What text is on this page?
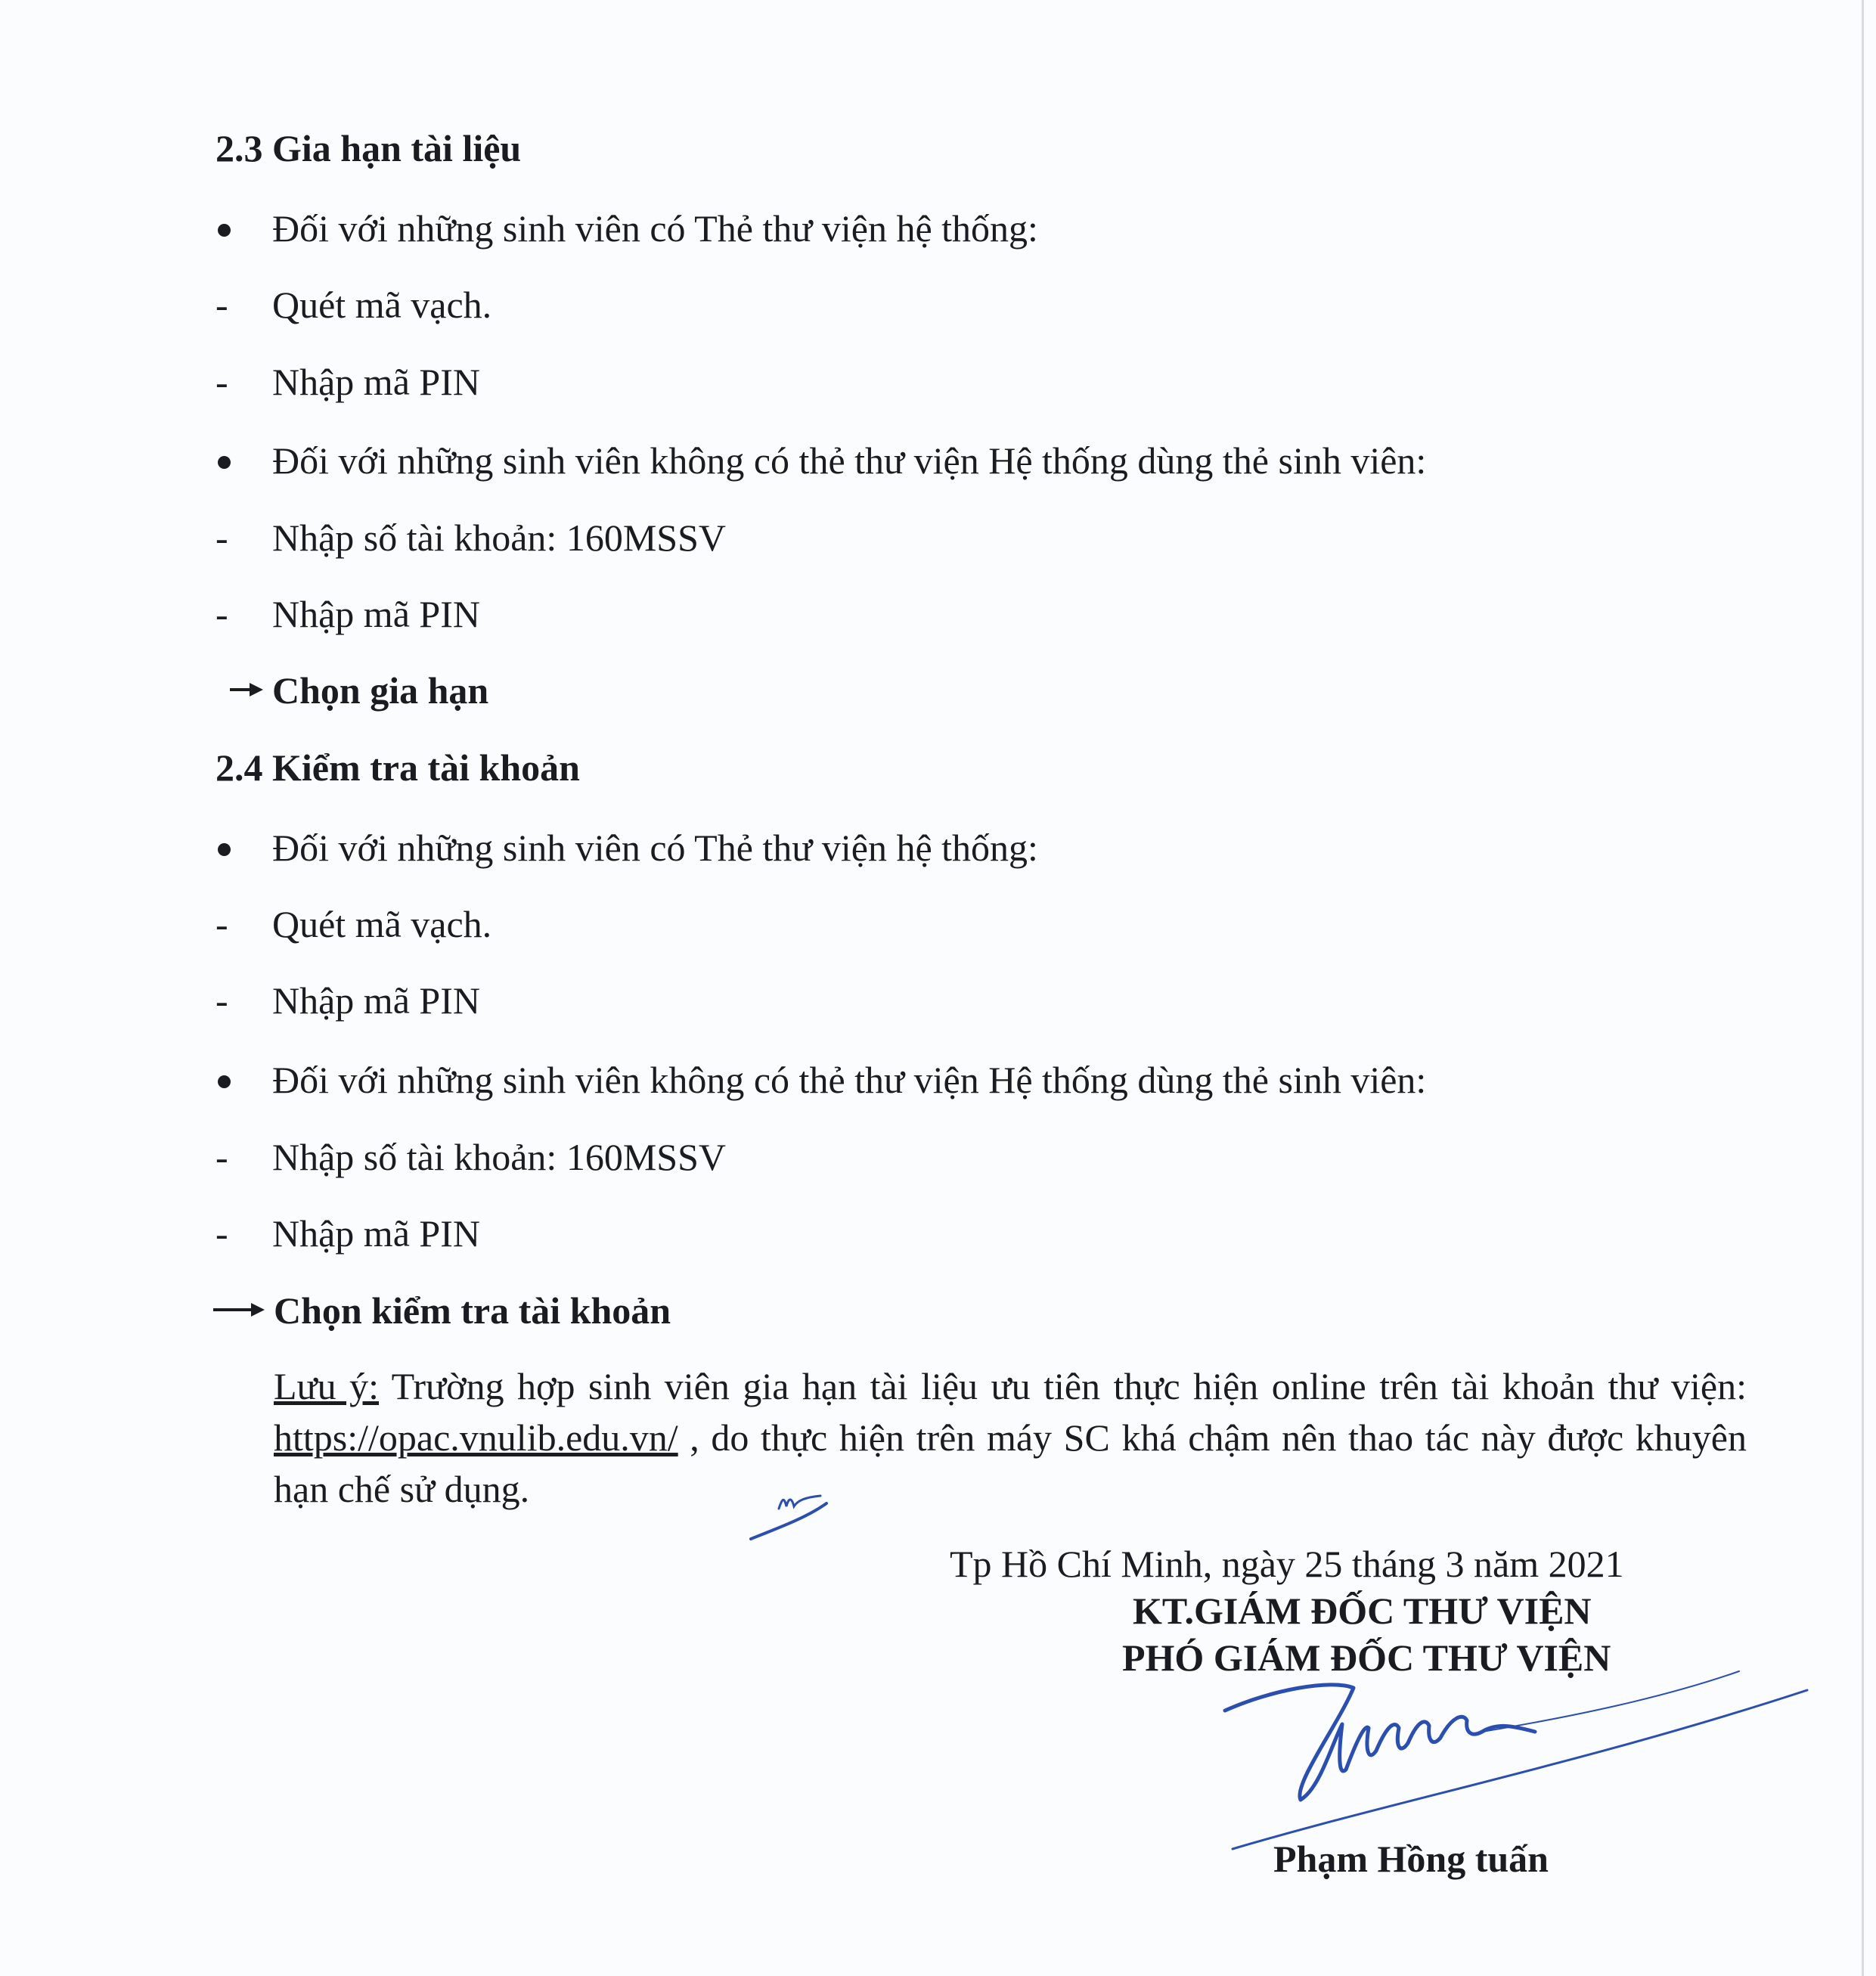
2.3 Gia hạn tài liệu
Đối với những sinh viên có Thẻ thư viện hệ thống:
- Quét mã vạch.
- Nhập mã PIN
Đối với những sinh viên không có thẻ thư viện Hệ thống dùng thẻ sinh viên:
- Nhập số tài khoản: 160MSSV
- Nhập mã PIN
Chọn gia hạn
2.4 Kiểm tra tài khoản
Đối với những sinh viên có Thẻ thư viện hệ thống:
- Quét mã vạch.
- Nhập mã PIN
Đối với những sinh viên không có thẻ thư viện Hệ thống dùng thẻ sinh viên:
- Nhập số tài khoản: 160MSSV
- Nhập mã PIN
Chọn kiểm tra tài khoản
Lưu ý: Trường hợp sinh viên gia hạn tài liệu ưu tiên thực hiện online trên tài khoản thư viện: https://opac.vnulib.edu.vn/ , do thực hiện trên máy SC khá chậm nên thao tác này được khuyên hạn chế sử dụng.
Tp Hồ Chí Minh, ngày 25 tháng 3 năm 2021
KT.GIÁM ĐỐC THƯ VIỆN
PHÓ GIÁM ĐỐC THƯ VIỆN
Phạm Hồng tuấn
